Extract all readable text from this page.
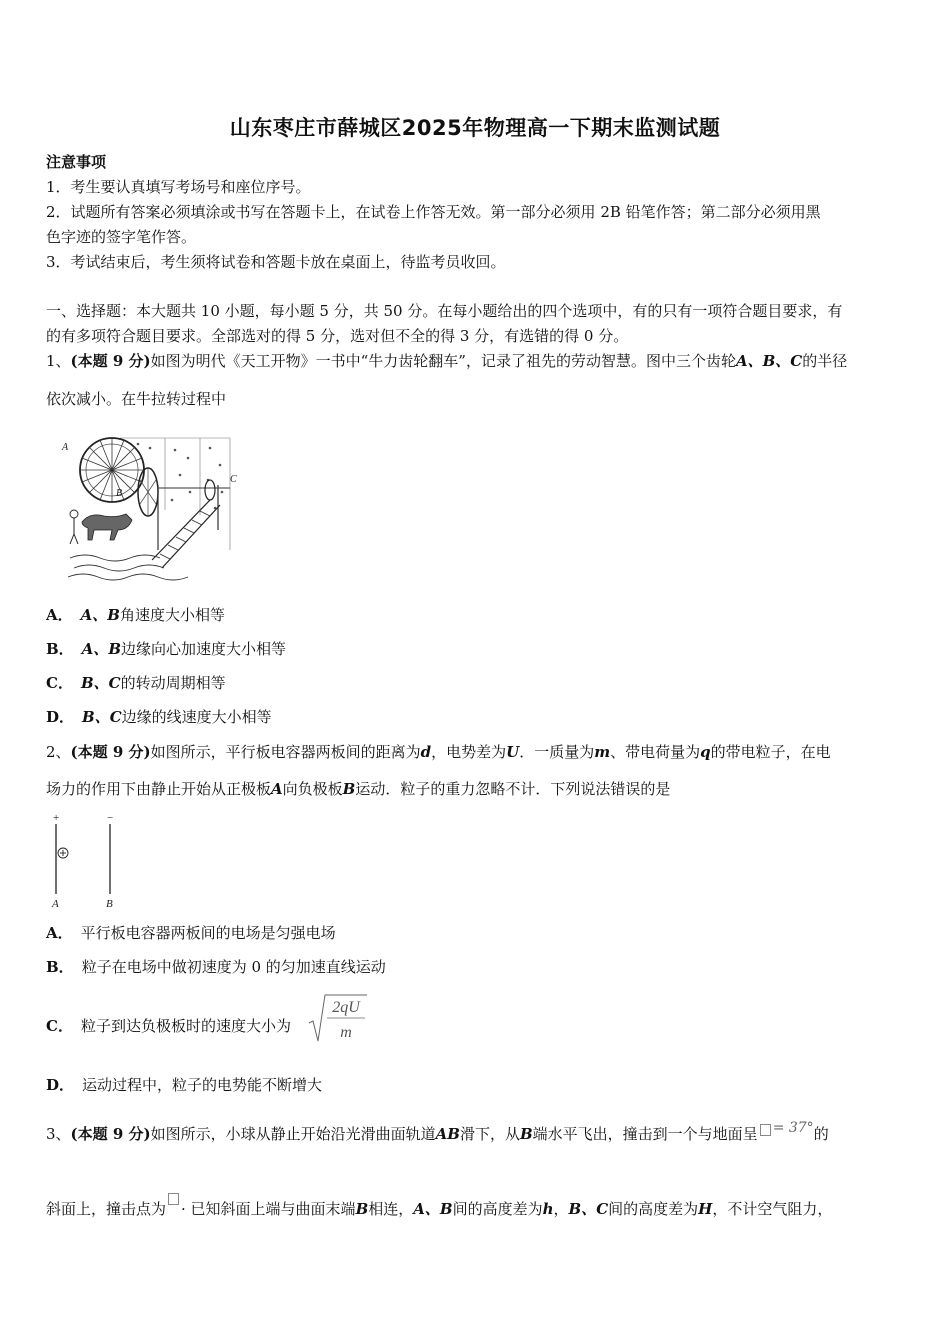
山东枣庄市薛城区2025年物理高一下期末监测试题
注意事项
1．考生要认真填写考场号和座位序号。
2．试题所有答案必须填涂或书写在答题卡上，在试卷上作答无效。第一部分必须用 2B 铅笔作答；第二部分必须用黑
色字迹的签字笔作答。
3．考试结束后，考生须将试卷和答题卡放在桌面上，待监考员收回。
一、选择题：本大题共 10 小题，每小题 5 分，共 50 分。在每小题给出的四个选项中，有的只有一项符合题目要求，有
的有多项符合题目要求。全部选对的得 5 分，选对但不全的得 3 分，有选错的得 0 分。
1、(本题 9 分)如图为明代《天工开物》一书中“牛力齿轮翻车”，记录了祖先的劳动智慧。图中三个齿轮A、B、C的半径
依次减小。在牛拉转过程中
A
B
C
A． A、B角速度大小相等
B． A、B边缘向心加速度大小相等
C． B、C的转动周期相等
D． B、C边缘的线速度大小相等
2、(本题 9 分)如图所示，平行板电容器两板间的距离为d，电势差为U．一质量为m、带电荷量为q的带电粒子，在电
场力的作用下由静止开始从正极板A向负极板B运动．粒子的重力忽略不计．下列说法错误的是
+	−
A	B
A． 平行板电容器两板间的电场是匀强电场
B． 粒子在电场中做初速度为 0 的匀加速直线运动
C． 粒子到达负极板时的速度大小为
2qU
m
D． 运动过程中，粒子的电势能不断增大
3、(本题 9 分)如图所示，小球从静止开始沿光滑曲面轨道AB滑下，从B端水平飞出，撞击到一个与地面呈 = 37°的
斜面上，撞击点为 · 已知斜面上端与曲面末端B相连，A、B间的高度差为h，B、C间的高度差为H，不计空气阻力，
